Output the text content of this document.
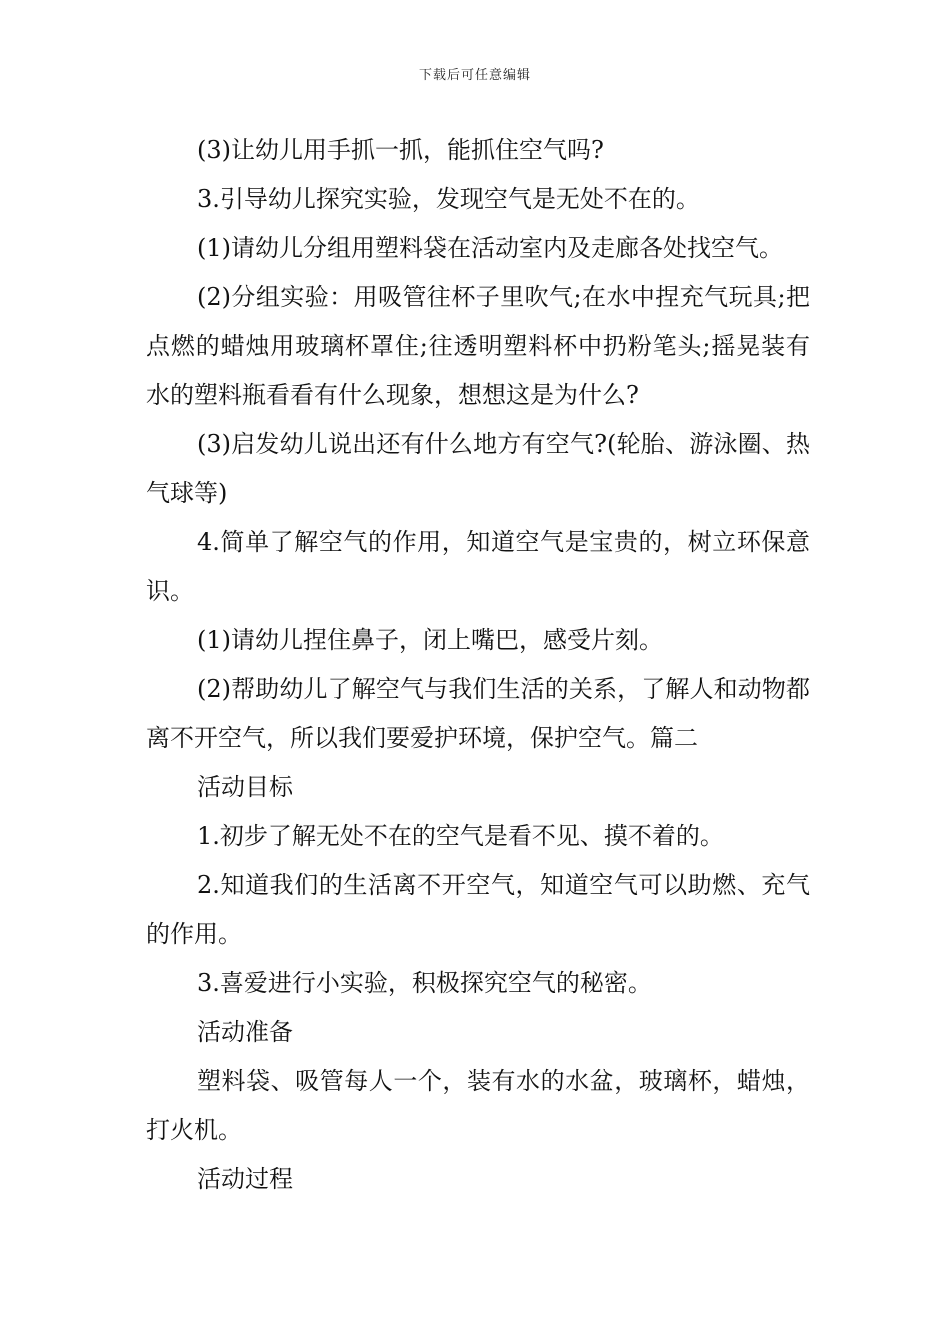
下载后可任意编辑

(3)让幼儿用手抓一抓，能抓住空气吗?

3.引导幼儿探究实验，发现空气是无处不在的。

(1)请幼儿分组用塑料袋在活动室内及走廊各处找空气。

(2)分组实验：用吸管往杯子里吹气;在水中捏充气玩具;把点燃的蜡烛用玻璃杯罩住;往透明塑料杯中扔粉笔头;摇晃装有水的塑料瓶看看有什么现象，想想这是为什么?

(3)启发幼儿说出还有什么地方有空气?(轮胎、游泳圈、热气球等)

4.简单了解空气的作用，知道空气是宝贵的，树立环保意识。

(1)请幼儿捏住鼻子，闭上嘴巴，感受片刻。

(2)帮助幼儿了解空气与我们生活的关系，了解人和动物都离不开空气，所以我们要爱护环境，保护空气。篇二

活动目标

1.初步了解无处不在的空气是看不见、摸不着的。

2.知道我们的生活离不开空气，知道空气可以助燃、充气的作用。

3.喜爱进行小实验，积极探究空气的秘密。

活动准备

塑料袋、吸管每人一个，装有水的水盆，玻璃杯，蜡烛，打火机。

活动过程
